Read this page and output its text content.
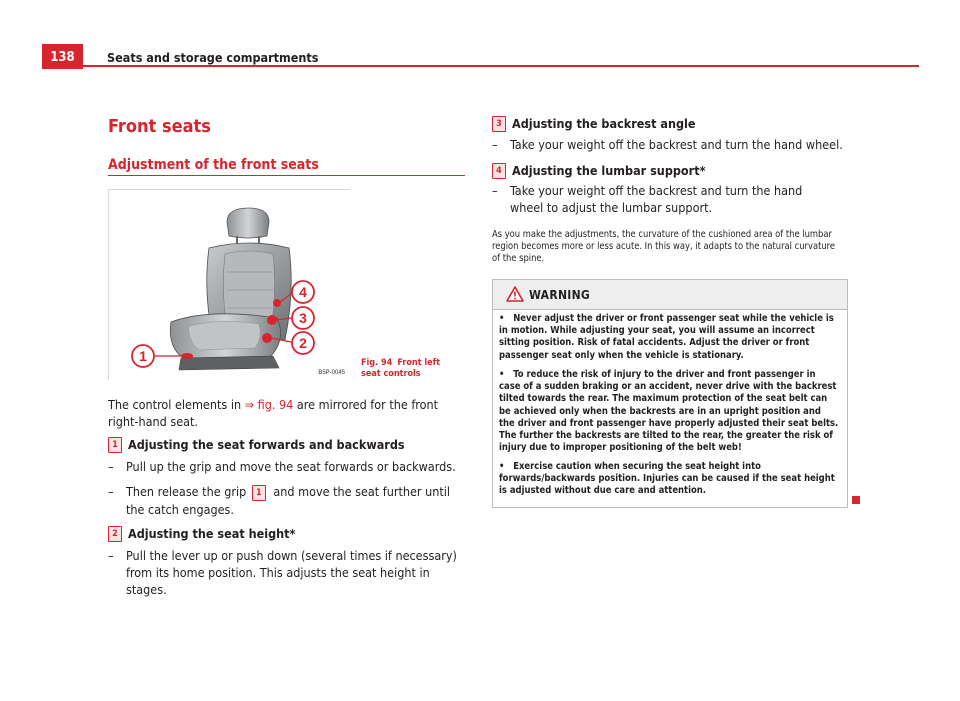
138	Seats and storage compartments
Front seats
Adjustment of the front seats
1
2
3
4
B5P-0045
Fig. 94 Front left seat controls
The control elements in ⇒ fig. 94 are mirrored for the front right-hand seat.
1 Adjusting the seat forwards and backwards
– Pull up the grip and move the seat forwards or backwards.
– Then release the grip 1 and move the seat further until the catch engages.
2 Adjusting the seat height*
– Pull the lever up or push down (several times if necessary) from its home position. This adjusts the seat height in stages.
3 Adjusting the backrest angle
– Take your weight off the backrest and turn the hand wheel.
4 Adjusting the lumbar support*
– Take your weight off the backrest and turn the hand wheel to adjust the lumbar support.
As you make the adjustments, the curvature of the cushioned area of the lumbar region becomes more or less acute. In this way, it adapts to the natural curvature of the spine.
WARNING
• Never adjust the driver or front passenger seat while the vehicle is in motion. While adjusting your seat, you will assume an incorrect sitting position. Risk of fatal accidents. Adjust the driver or front passenger seat only when the vehicle is stationary.
• To reduce the risk of injury to the driver and front passenger in case of a sudden braking or an accident, never drive with the backrest tilted towards the rear. The maximum protection of the seat belt can be achieved only when the backrests are in an upright position and the driver and front passenger have properly adjusted their seat belts. The further the backrests are tilted to the rear, the greater the risk of injury due to improper positioning of the belt web!
• Exercise caution when securing the seat height into forwards/backwards position. Injuries can be caused if the seat height is adjusted without due care and attention.
